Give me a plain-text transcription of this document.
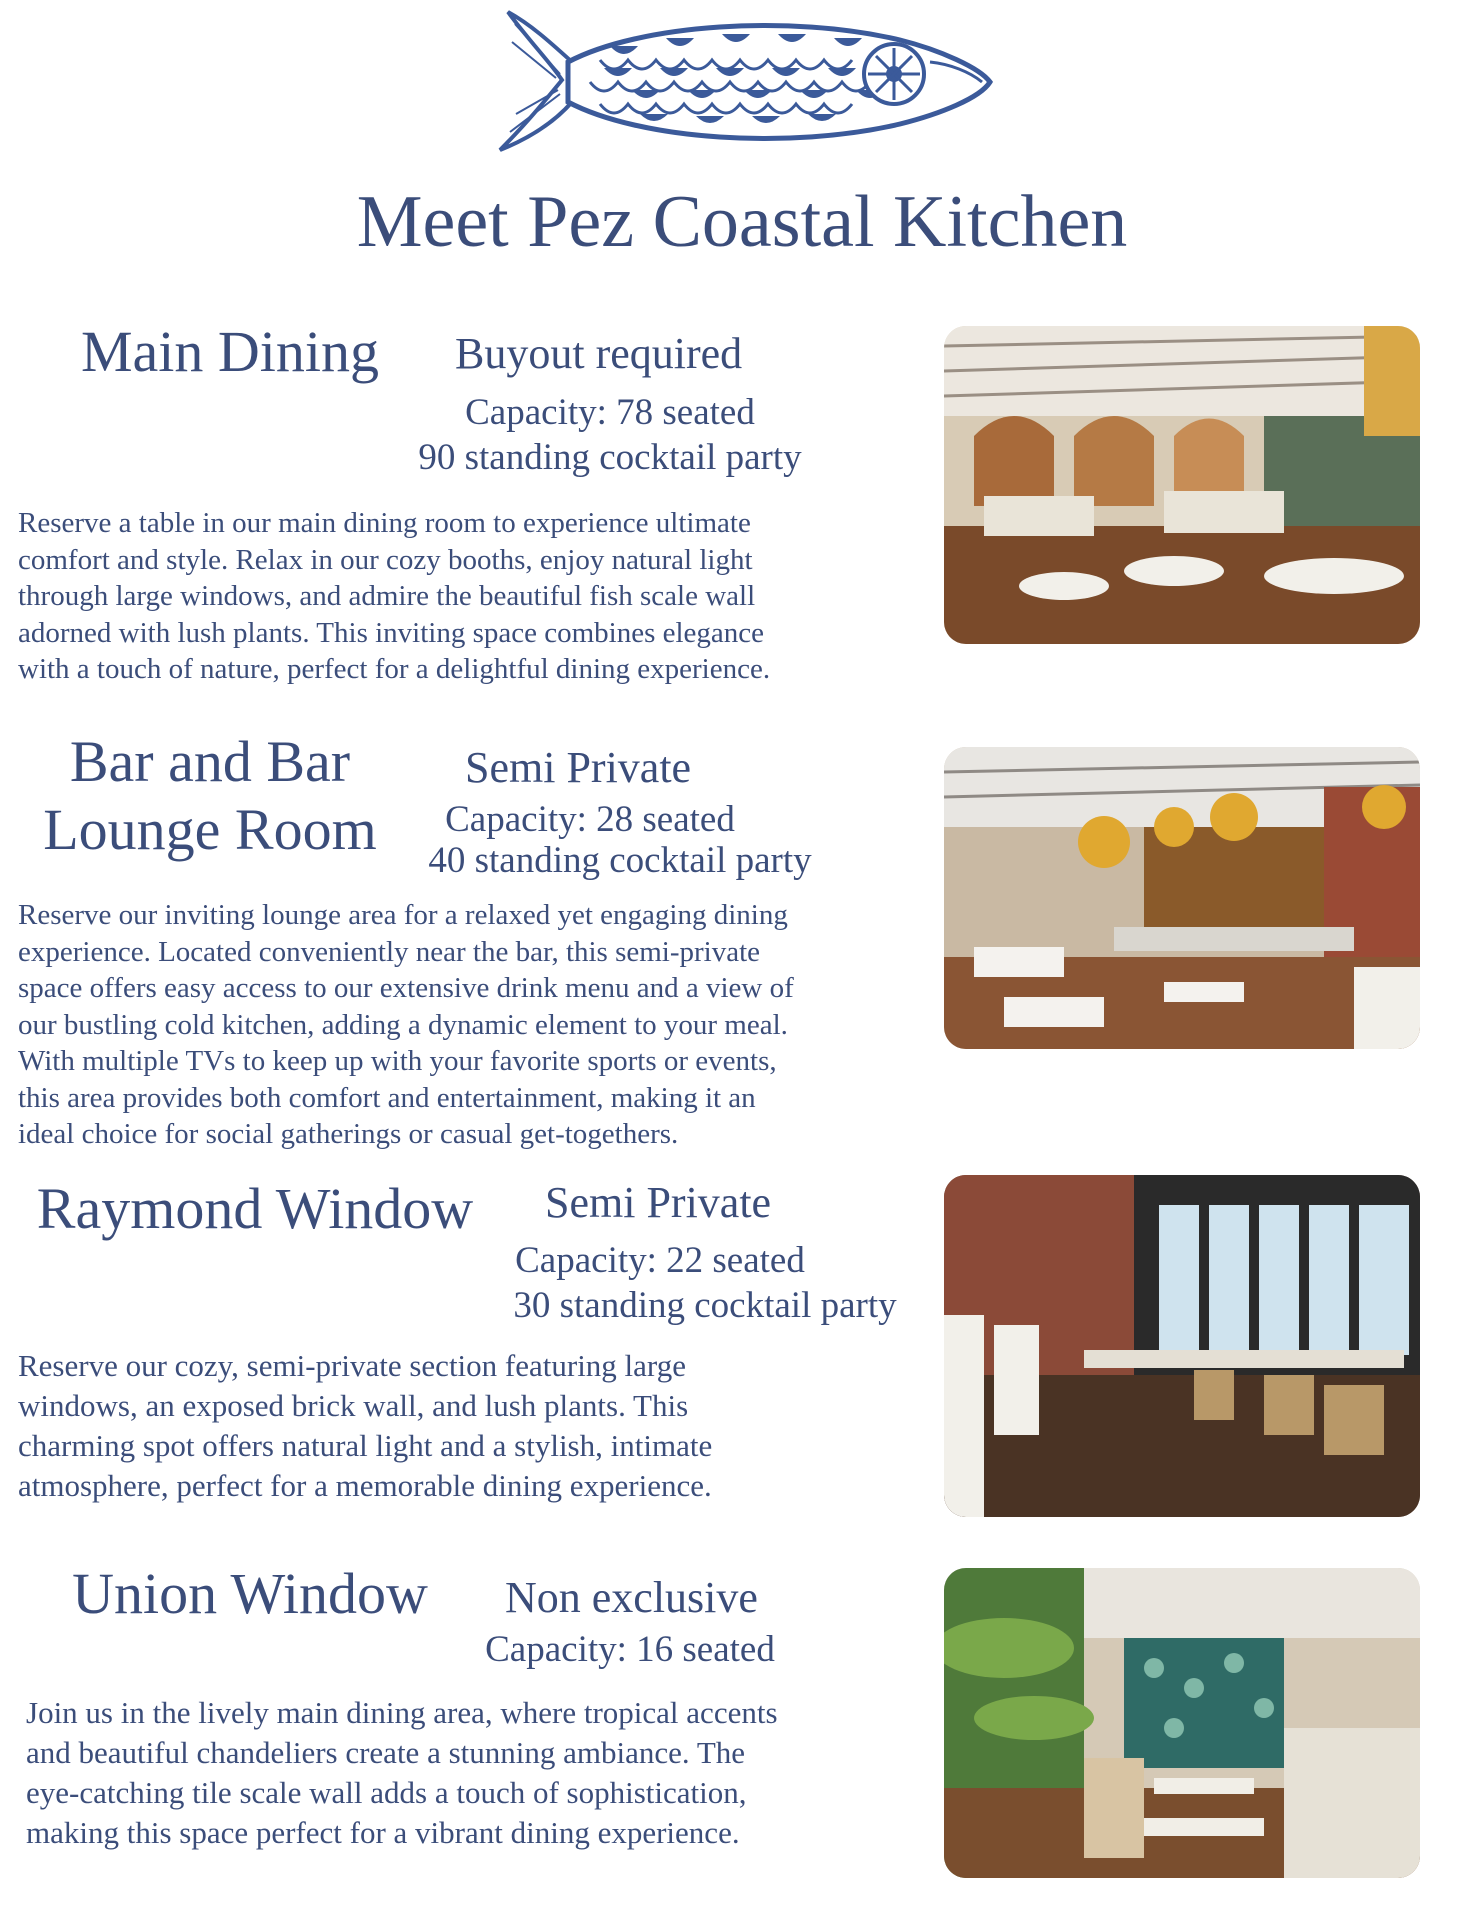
Meet Pez Coastal Kitchen
Main Dining	Buyout required
Capacity: 78 seated
90 standing cocktail party
Reserve a table in our main dining room to experience ultimate
comfort and style. Relax in our cozy booths, enjoy natural light
through large windows, and admire the beautiful fish scale wall
adorned with lush plants. This inviting space combines elegance
with a touch of nature, perfect for a delightful dining experience.
Bar and Bar
Lounge Room
Semi Private
Capacity: 28 seated
40 standing cocktail party
Reserve our inviting lounge area for a relaxed yet engaging dining
experience. Located conveniently near the bar, this semi-private
space offers easy access to our extensive drink menu and a view of
our bustling cold kitchen, adding a dynamic element to your meal.
With multiple TVs to keep up with your favorite sports or events,
this area provides both comfort and entertainment, making it an
ideal choice for social gatherings or casual get-togethers.
Raymond Window	Semi Private
Capacity: 22 seated
30 standing cocktail party
Reserve our cozy, semi-private section featuring large
windows, an exposed brick wall, and lush plants. This
charming spot offers natural light and a stylish, intimate
atmosphere, perfect for a memorable dining experience.
Union Window	Non exclusive
Capacity: 16 seated
Join us in the lively main dining area, where tropical accents
and beautiful chandeliers create a stunning ambiance. The
eye-catching tile scale wall adds a touch of sophistication,
making this space perfect for a vibrant dining experience.
